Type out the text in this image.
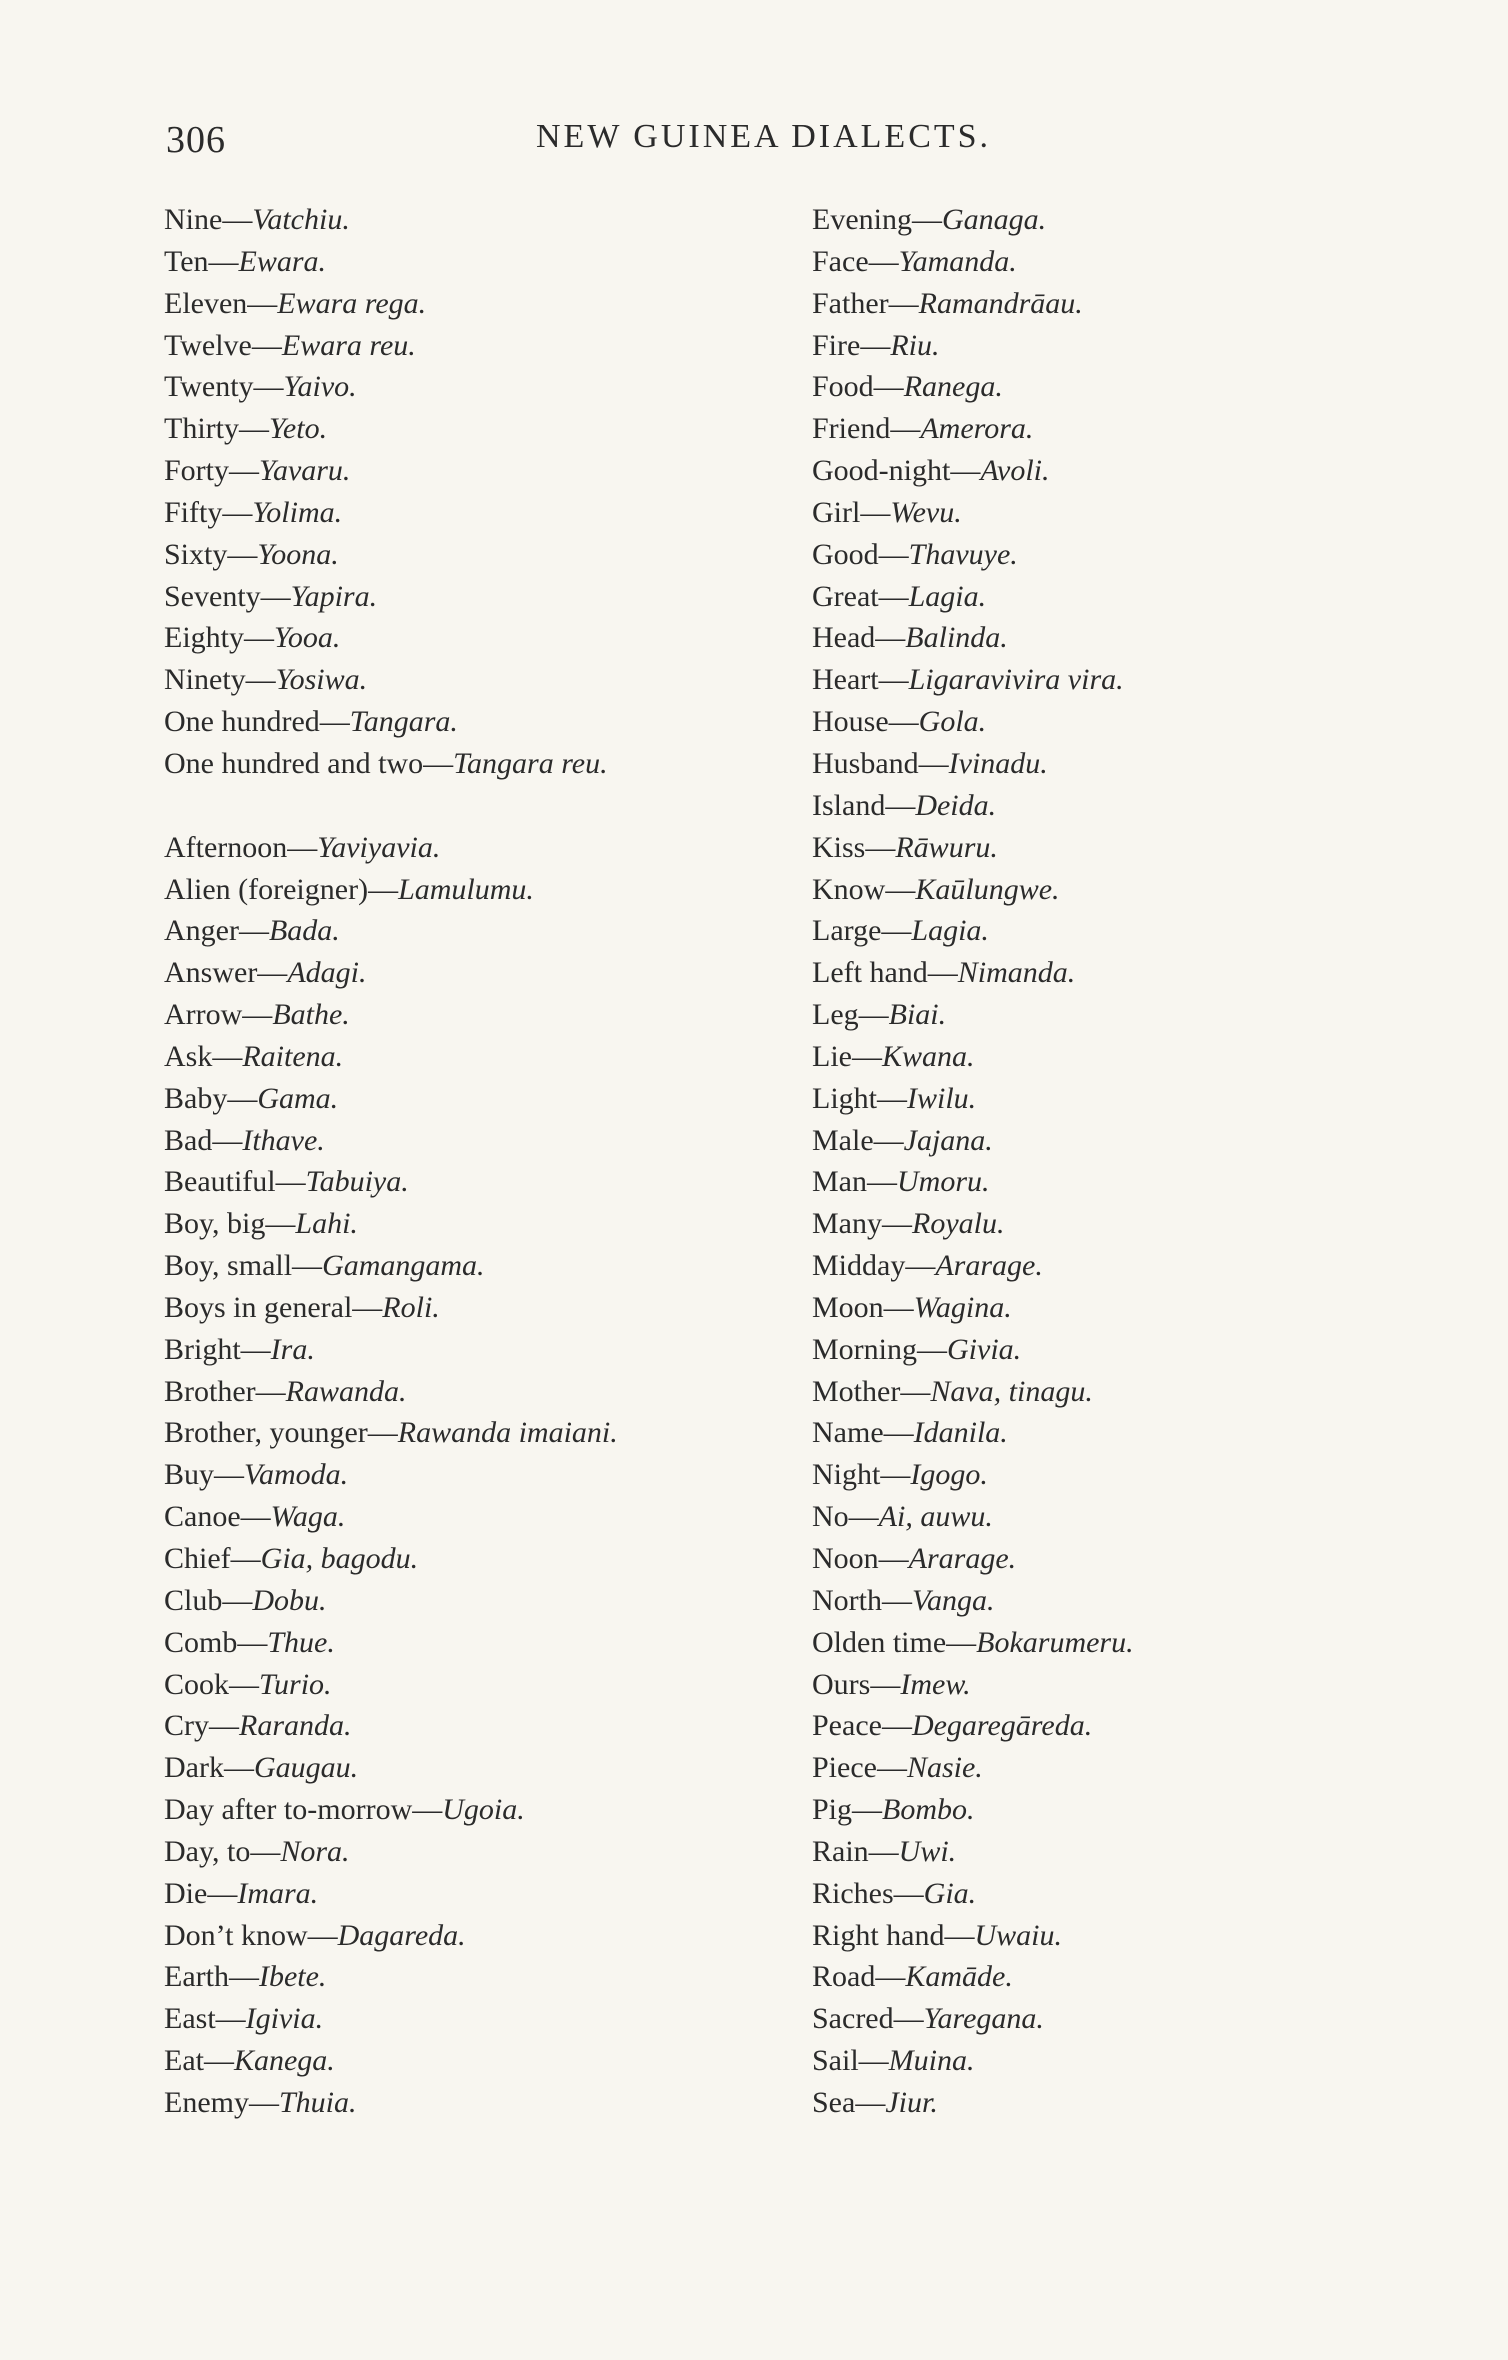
306	NEW GUINEA DIALECTS.
Nine—Vatchiu.
Ten—Ewara.
Eleven—Ewara rega.
Twelve—Ewara reu.
Twenty—Yaivo.
Thirty—Yeto.
Forty—Yavaru.
Fifty—Yolima.
Sixty—Yoona.
Seventy—Yapira.
Eighty—Yooa.
Ninety—Yosiwa.
One hundred—Tangara.
One hundred and two—Tangara reu.
Afternoon—Yaviyavia.
Alien (foreigner)—Lamulumu.
Anger—Bada.
Answer—Adagi.
Arrow—Bathe.
Ask—Raitena.
Baby—Gama.
Bad—Ithave.
Beautiful—Tabuiya.
Boy, big—Lahi.
Boy, small—Gamangama.
Boys in general—Roli.
Bright—Ira.
Brother—Rawanda.
Brother, younger—Rawanda imaiani.
Buy—Vamoda.
Canoe—Waga.
Chief—Gia, bagodu.
Club—Dobu.
Comb—Thue.
Cook—Turio.
Cry—Raranda.
Dark—Gaugau.
Day after to-morrow—Ugoia.
Day, to—Nora.
Die—Imara.
Don’t know—Dagareda.
Earth—Ibete.
East—Igivia.
Eat—Kanega.
Enemy—Thuia.
Evening—Ganaga.
Face—Yamanda.
Father—Ramandrāau.
Fire—Riu.
Food—Ranega.
Friend—Amerora.
Good-night—Avoli.
Girl—Wevu.
Good—Thavuye.
Great—Lagia.
Head—Balinda.
Heart—Ligaravivira vira.
House—Gola.
Husband—Ivinadu.
Island—Deida.
Kiss—Rāwuru.
Know—Kaūlungwe.
Large—Lagia.
Left hand—Nimanda.
Leg—Biai.
Lie—Kwana.
Light—Iwilu.
Male—Jajana.
Man—Umoru.
Many—Royalu.
Midday—Ararage.
Moon—Wagina.
Morning—Givia.
Mother—Nava, tinagu.
Name—Idanila.
Night—Igogo.
No—Ai, auwu.
Noon—Ararage.
North—Vanga.
Olden time—Bokarumeru.
Ours—Imew.
Peace—Degaregāreda.
Piece—Nasie.
Pig—Bombo.
Rain—Uwi.
Riches—Gia.
Right hand—Uwaiu.
Road—Kamāde.
Sacred—Yaregana.
Sail—Muina.
Sea—Jiur.
